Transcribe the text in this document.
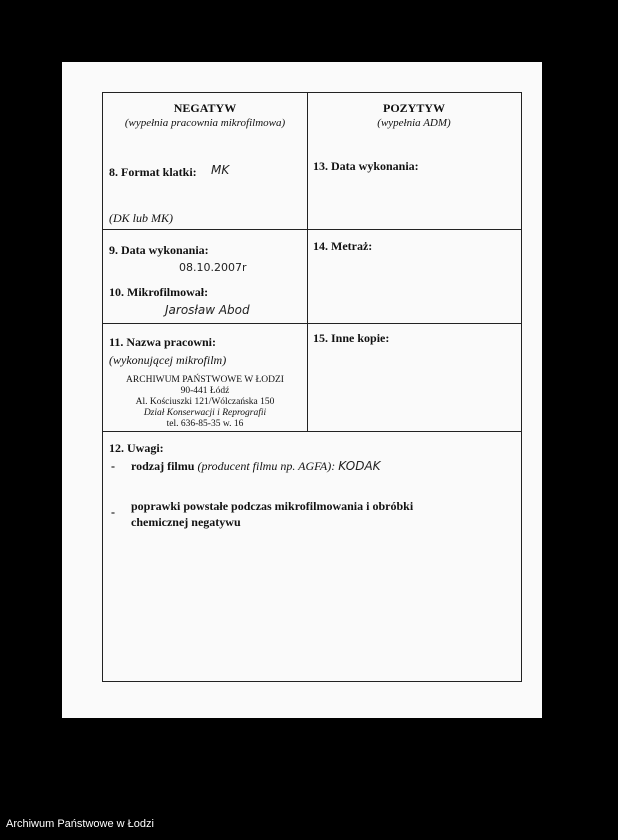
NEGATYW
(wypełnia pracownia mikrofilmowa)
8. Format klatki: MK
(DK lub MK)
POZYTYW
(wypełnia ADM)
13. Data wykonania:
9. Data wykonania:
08.10.2007r
10. Mikrofilmował:
Jarosław Abod
14. Metraż:
11. Nazwa pracowni:
(wykonującej mikrofilm)
ARCHIWUM PAŃSTWOWE W ŁODZI
90-441 Łódź
Al. Kościuszki 121/Wólczańska 150
Dział Konserwacji i Reprografii
tel. 636-85-35 w. 16
15. Inne kopie:
12. Uwagi:
- rodzaj filmu (producent filmu np. AGFA): KODAK
- poprawki powstałe podczas mikrofilmowania i obróbki
chemicznej negatywu
Archiwum Państwowe w Łodzi
